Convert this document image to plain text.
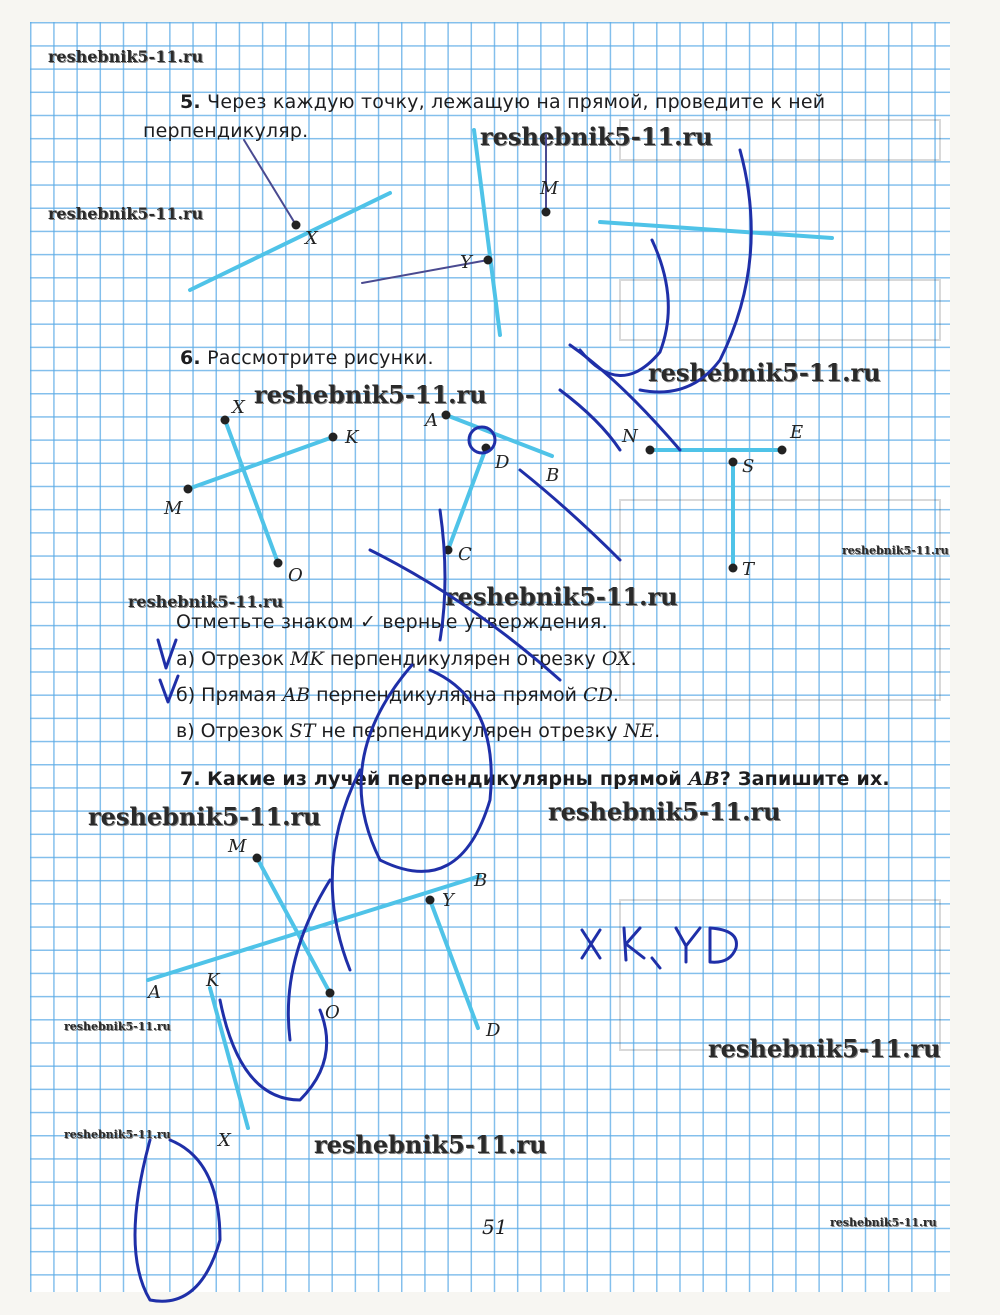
reshebnik5-11.ru
reshebnik5-11.ru
reshebnik5-11.ru
reshebnik5-11.ru
reshebnik5-11.ru
reshebnik5-11.ru
reshebnik5-11.ru	reshebnik5-11.ru
reshebnik5-11.ru	reshebnik5-11.ru
reshebnik5-11.ru
reshebnik5-11.ru
reshebnik5-11.ru	reshebnik5-11.ru
reshebnik5-11.ru
5. Через каждую точку, лежащую на прямой, проведите к ней
перпендикуляр.
6. Рассмотрите рисунки.
Отметьте знаком ✓ верные утверждения.
а) Отрезок MK перпендикулярен отрезку OX.
б) Прямая AB перпендикулярна прямой CD.
в) Отрезок ST не перпендикулярен отрезку NE.
7. Какие из лучей перпендикулярны прямой AB? Запишите их.
51
X
Y
M
X
K
M
O
A
D
B
C
N	E
S
T
M
B
Y
A
K
O
D
X
